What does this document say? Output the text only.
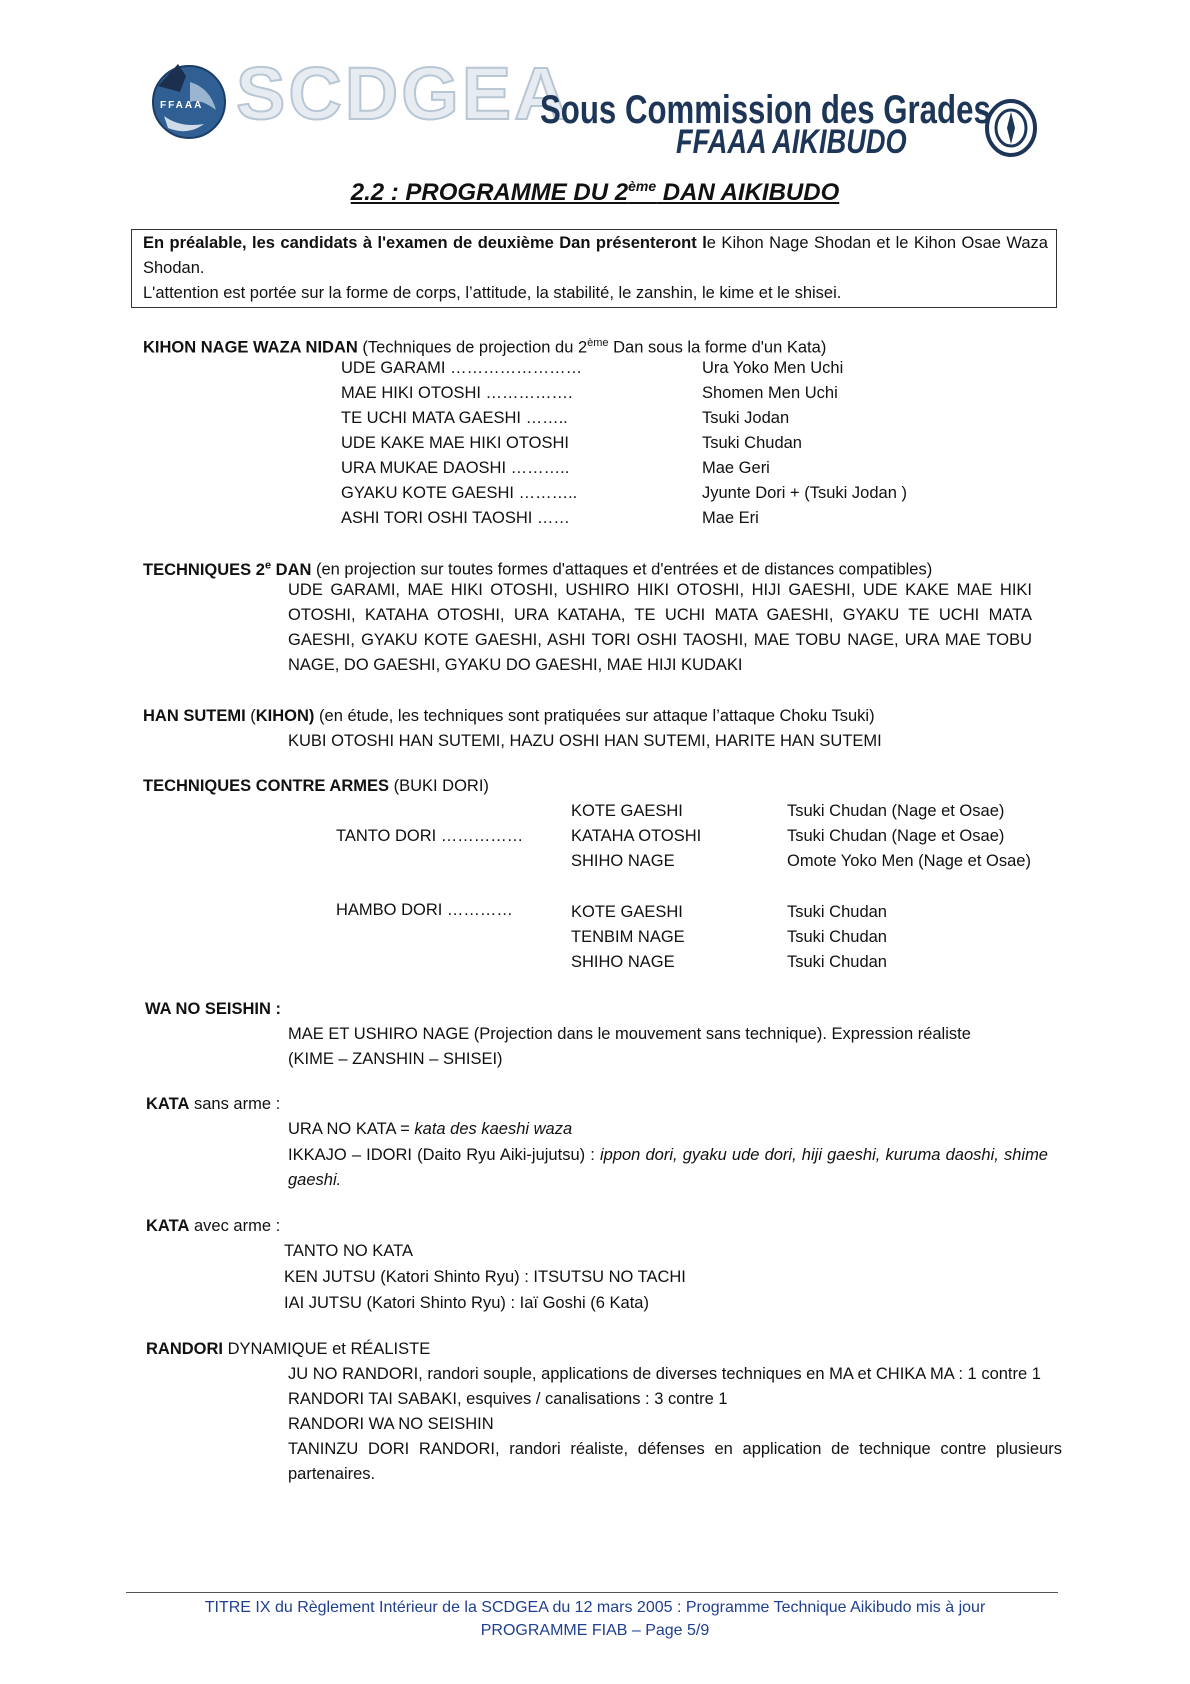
FFAAA SCDGEA
Sous Commission des Grades
FFAAA AIKIBUDO
2.2 : PROGRAMME DU 2ème DAN AIKIBUDO
En préalable, les candidats à l'examen de deuxième Dan présenteront le Kihon Nage Shodan et le Kihon Osae Waza Shodan.
L'attention est portée sur la forme de corps, l’attitude, la stabilité, le zanshin, le kime et le shisei.
KIHON NAGE WAZA NIDAN (Techniques de projection du 2ème Dan sous la forme d'un Kata)
UDE GARAMI ……………………	Ura Yoko Men Uchi
MAE HIKI OTOSHI …………….	Shomen Men Uchi
TE UCHI MATA GAESHI ……..	Tsuki Jodan
UDE KAKE MAE HIKI OTOSHI	Tsuki Chudan
URA MUKAE DAOSHI ………..	Mae Geri
GYAKU KOTE GAESHI ………..	Jyunte Dori + (Tsuki Jodan )
ASHI TORI OSHI TAOSHI ……	Mae Eri
TECHNIQUES 2e DAN (en projection sur toutes formes d'attaques et d'entrées et de distances compatibles)
UDE GARAMI, MAE HIKI OTOSHI, USHIRO HIKI OTOSHI, HIJI GAESHI, UDE KAKE MAE HIKI OTOSHI, KATAHA OTOSHI, URA KATAHA, TE UCHI MATA GAESHI, GYAKU TE UCHI MATA GAESHI, GYAKU KOTE GAESHI, ASHI TORI OSHI TAOSHI, MAE TOBU NAGE, URA MAE TOBU NAGE, DO GAESHI, GYAKU DO GAESHI, MAE HIJI KUDAKI
HAN SUTEMI (KIHON) (en étude, les techniques sont pratiquées sur attaque l’attaque Choku Tsuki)
KUBI OTOSHI HAN SUTEMI, HAZU OSHI HAN SUTEMI, HARITE HAN SUTEMI
TECHNIQUES CONTRE ARMES (BUKI DORI)
TANTO DORI ……………
KOTE GAESHI	Tsuki Chudan (Nage et Osae)
KATAHA OTOSHI	Tsuki Chudan (Nage et Osae)
SHIHO NAGE	Omote Yoko Men (Nage et Osae)
HAMBO DORI …………	KOTE GAESHI	Tsuki Chudan
TENBIM NAGE	Tsuki Chudan
SHIHO NAGE	Tsuki Chudan
WA NO SEISHIN :
MAE ET USHIRO NAGE (Projection dans le mouvement sans technique). Expression réaliste
(KIME – ZANSHIN – SHISEI)
KATA sans arme :
URA NO KATA = kata des kaeshi waza
IKKAJO – IDORI (Daito Ryu Aiki-jujutsu) : ippon dori, gyaku ude dori, hiji gaeshi, kuruma daoshi, shime gaeshi.
KATA avec arme :
TANTO NO KATA
KEN JUTSU (Katori Shinto Ryu) : ITSUTSU NO TACHI
IAI JUTSU (Katori Shinto Ryu) : Iaï Goshi (6 Kata)
RANDORI DYNAMIQUE et RÉALISTE
JU NO RANDORI, randori souple, applications de diverses techniques en MA et CHIKA MA : 1 contre 1
RANDORI TAI SABAKI, esquives / canalisations : 3 contre 1
RANDORI WA NO SEISHIN
TANINZU DORI RANDORI, randori réaliste, défenses en application de technique contre plusieurs partenaires.
TITRE IX du Règlement Intérieur de la SCDGEA du 12 mars 2005 : Programme Technique Aikibudo mis à jour
PROGRAMME FIAB – Page 5/9
